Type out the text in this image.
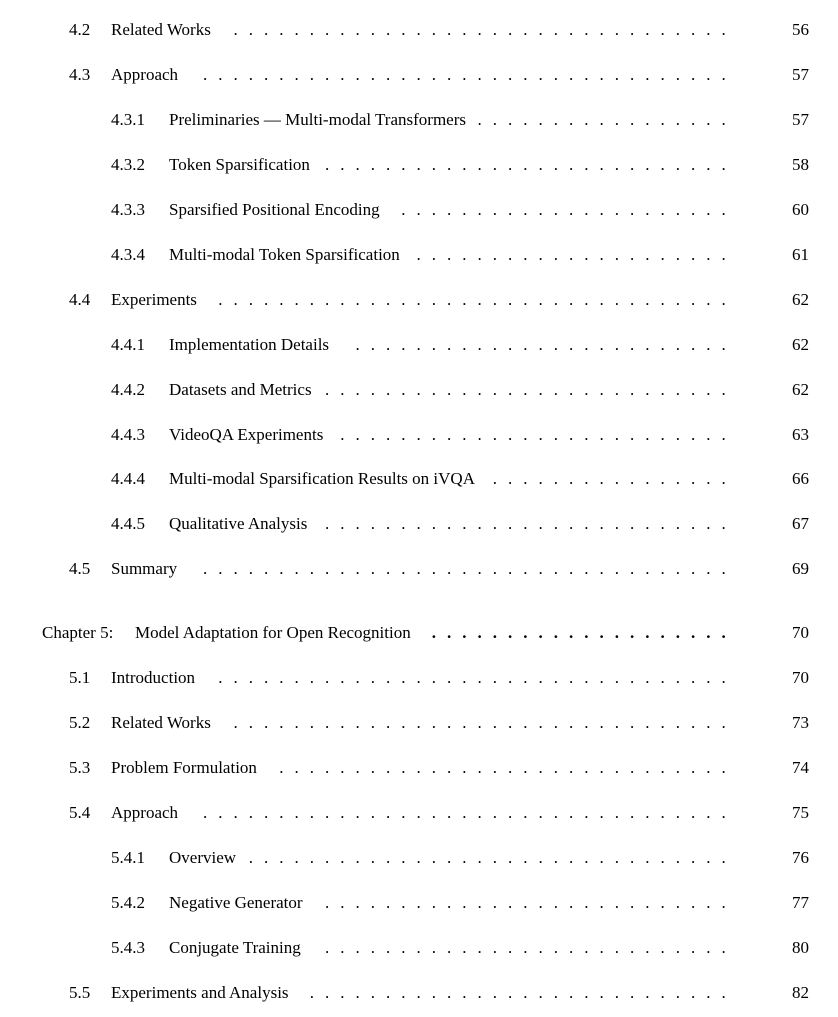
. . . . . . . . . . . . . . . . . . . . . . . . . . . . . . . . .
4.2 Related Works	56
. . . . . . . . . . . . . . . . . . . . . . . . . . . . . . . . . . .
4.3 Approach	57
. . . . . . . . . . . . . . . . .
4.3.1 Preliminaries — Multi-modal Transformers	57
. . . . . . . . . . . . . . . . . . . . . . . . . . .
4.3.2 Token Sparsification	58
. . . . . . . . . . . . . . . . . . . . . .
4.3.3 Sparsified Positional Encoding	60
. . . . . . . . . . . . . . . . . . . . .
4.3.4 Multi-modal Token Sparsification	61
. . . . . . . . . . . . . . . . . . . . . . . . . . . . . . . . . .
4.4 Experiments	62
. . . . . . . . . . . . . . . . . . . . . . . . .
4.4.1 Implementation Details	62
. . . . . . . . . . . . . . . . . . . . . . . . . . .
4.4.2 Datasets and Metrics	62
. . . . . . . . . . . . . . . . . . . . . . . . . .
4.4.3 VideoQA Experiments	63
. . . . . . . . . . . . . . . .
4.4.4 Multi-modal Sparsification Results on iVQA	66
. . . . . . . . . . . . . . . . . . . . . . . . . . .
4.4.5 Qualitative Analysis	67
. . . . . . . . . . . . . . . . . . . . . . . . . . . . . . . . . . .
4.5 Summary	69
. . . . . . . . . . . . . . . . . . . .
Chapter 5: Model Adaptation for Open Recognition	70
. . . . . . . . . . . . . . . . . . . . . . . . . . . . . . . . . .
5.1 Introduction	70
. . . . . . . . . . . . . . . . . . . . . . . . . . . . . . . . .
5.2 Related Works	73
. . . . . . . . . . . . . . . . . . . . . . . . . . . . . .
5.3 Problem Formulation	74
. . . . . . . . . . . . . . . . . . . . . . . . . . . . . . . . . . .
5.4 Approach	75
. . . . . . . . . . . . . . . . . . . . . . . . . . . . . . . .
5.4.1 Overview	76
. . . . . . . . . . . . . . . . . . . . . . . . . . .
5.4.2 Negative Generator	77
. . . . . . . . . . . . . . . . . . . . . . . . . . .
5.4.3 Conjugate Training	80
. . . . . . . . . . . . . . . . . . . . . . . . . . . .
5.5 Experiments and Analysis	82
